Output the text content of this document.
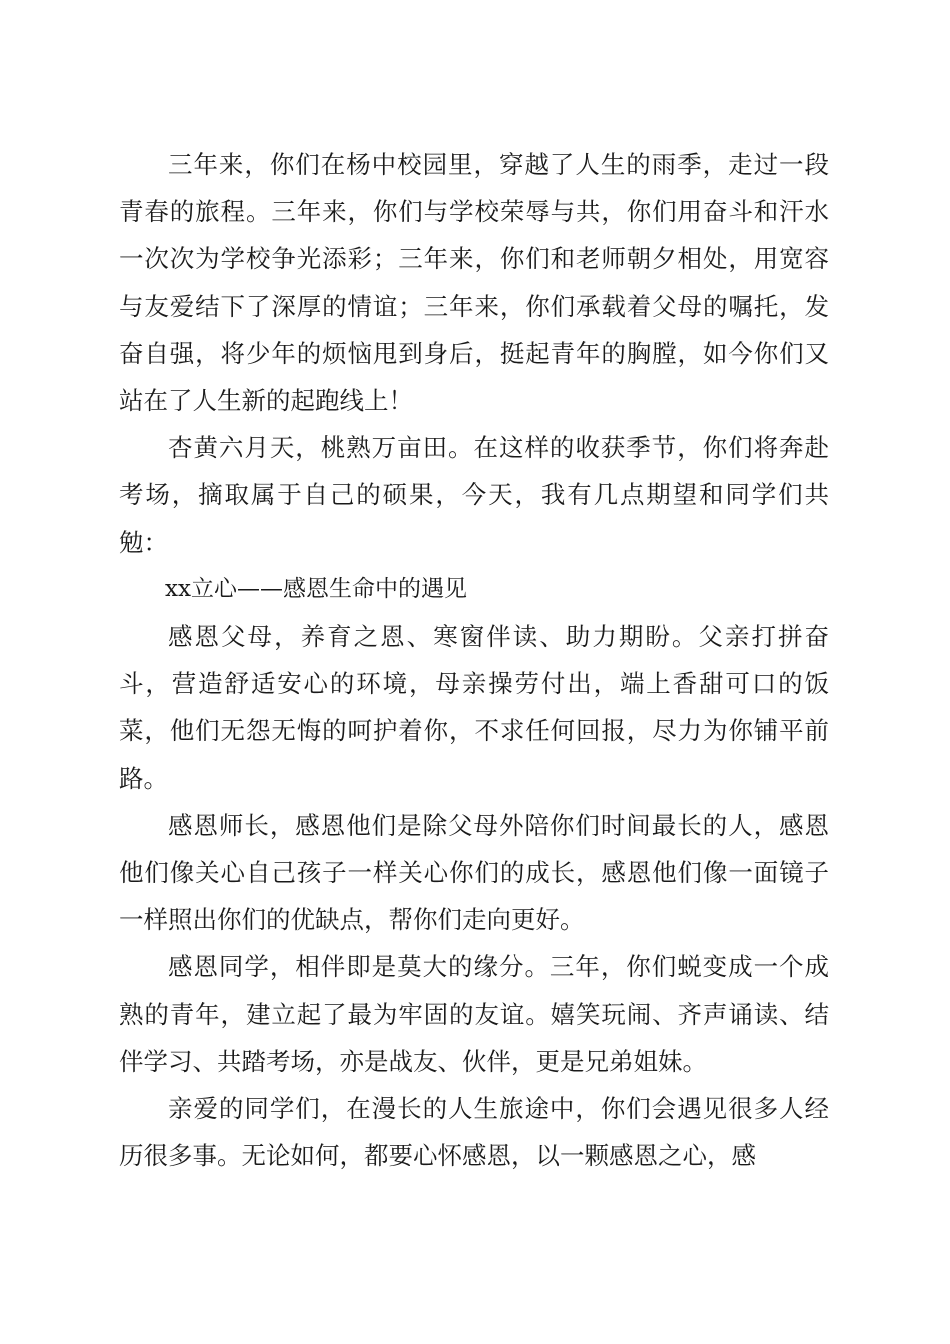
三年来，你们在杨中校园里，穿越了人生的雨季，走过一段青春的旅程。三年来，你们与学校荣辱与共，你们用奋斗和汗水一次次为学校争光添彩；三年来，你们和老师朝夕相处，用宽容与友爱结下了深厚的情谊；三年来，你们承载着父母的嘱托，发奋自强，将少年的烦恼甩到身后，挺起青年的胸膛，如今你们又站在了人生新的起跑线上！

杏黄六月天，桃熟万亩田。在这样的收获季节，你们将奔赴考场，摘取属于自己的硕果，今天，我有几点期望和同学们共勉：

xx立心——感恩生命中的遇见

感恩父母，养育之恩、寒窗伴读、助力期盼。父亲打拼奋斗，营造舒适安心的环境，母亲操劳付出，端上香甜可口的饭菜，他们无怨无悔的呵护着你，不求任何回报，尽力为你铺平前路。

感恩师长，感恩他们是除父母外陪你们时间最长的人，感恩他们像关心自己孩子一样关心你们的成长，感恩他们像一面镜子一样照出你们的优缺点，帮你们走向更好。

感恩同学，相伴即是莫大的缘分。三年，你们蜕变成一个成熟的青年，建立起了最为牢固的友谊。嬉笑玩闹、齐声诵读、结伴学习、共踏考场，亦是战友、伙伴，更是兄弟姐妹。

亲爱的同学们，在漫长的人生旅途中，你们会遇见很多人经历很多事。无论如何，都要心怀感恩，以一颗感恩之心，感
